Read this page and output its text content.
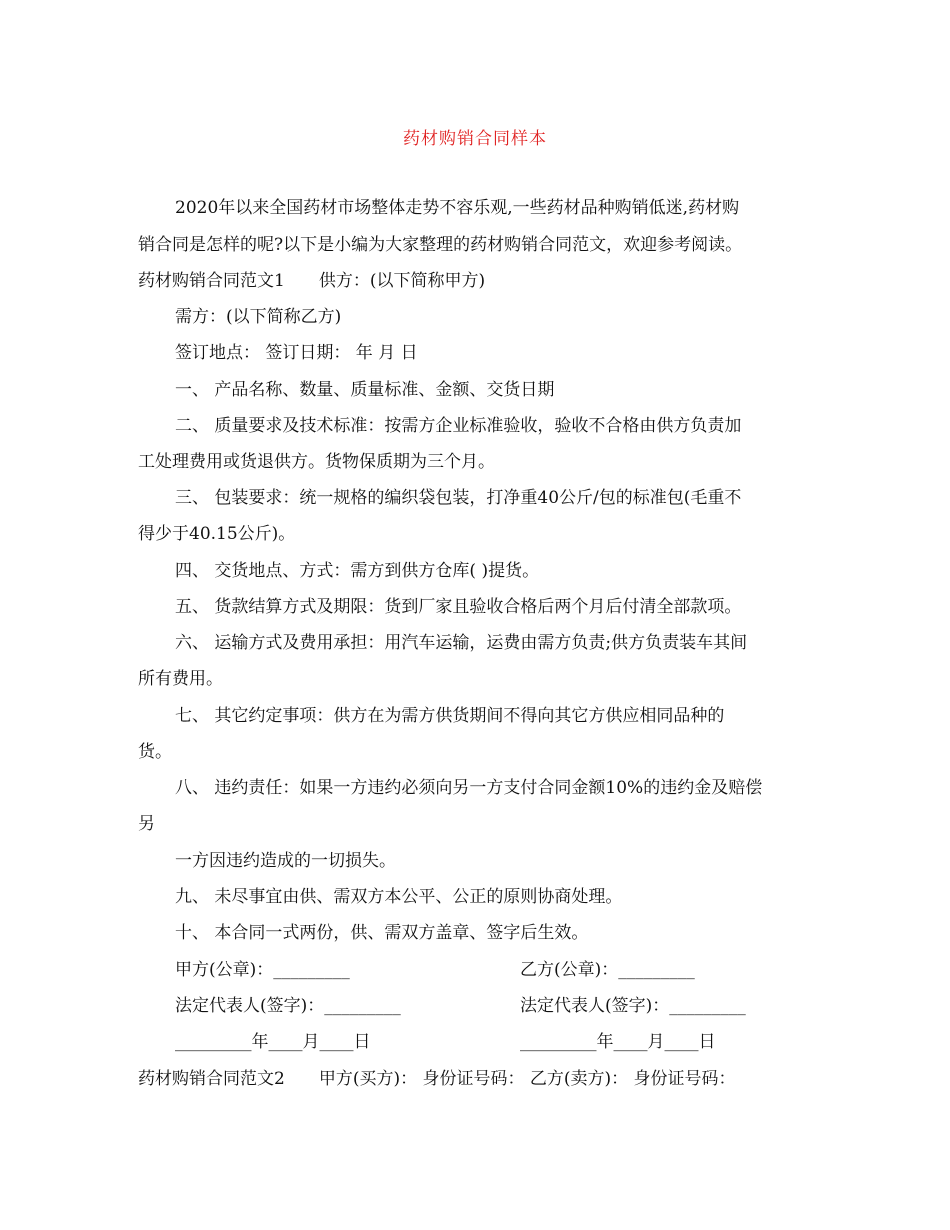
药材购销合同样本
2020年以来全国药材市场整体走势不容乐观,一些药材品种购销低迷,药材购
销合同是怎样的呢?以下是小编为大家整理的药材购销合同范文，欢迎参考阅读。
药材购销合同范文1　　供方：(以下简称甲方)
需方：(以下简称乙方)
签订地点： 签订日期： 年 月 日
一、 产品名称、数量、质量标准、金额、交货日期
二、 质量要求及技术标准：按需方企业标准验收，验收不合格由供方负责加
工处理费用或货退供方。货物保质期为三个月。
三、 包装要求：统一规格的编织袋包装，打净重40公斤/包的标准包(毛重不
得少于40.15公斤)。
四、 交货地点、方式：需方到供方仓库( )提货。
五、 货款结算方式及期限：货到厂家且验收合格后两个月后付清全部款项。
六、 运输方式及费用承担：用汽车运输，运费由需方负责;供方负责装车其间
所有费用。
七、 其它约定事项：供方在为需方供货期间不得向其它方供应相同品种的
货。
八、 违约责任：如果一方违约必须向另一方支付合同金额10%的违约金及赔偿
另
一方因违约造成的一切损失。
九、 未尽事宜由供、需双方本公平、公正的原则协商处理。
十、 本合同一式两份，供、需双方盖章、签字后生效。
甲方(公章)：_________	乙方(公章)：_________
法定代表人(签字)：_________	法定代表人(签字)：_________
_________年____月____日	_________年____月____日
药材购销合同范文2　　甲方(买方)： 身份证号码： 乙方(卖方)： 身份证号码：
